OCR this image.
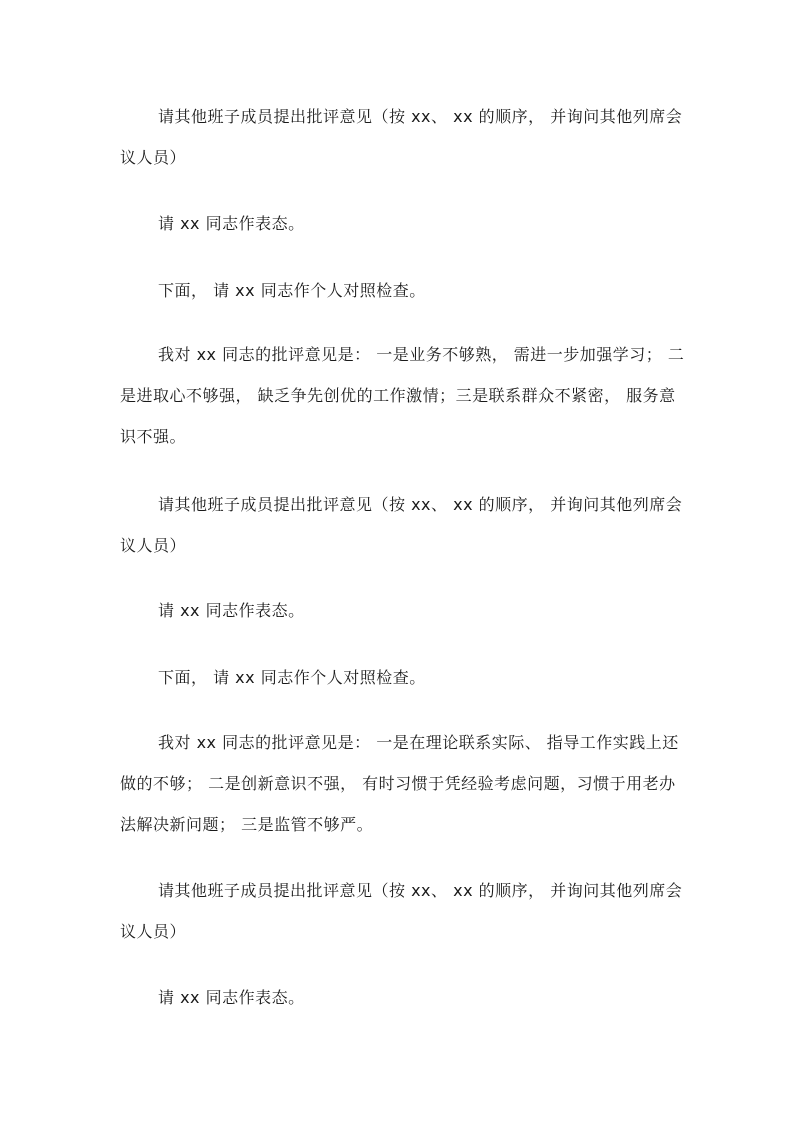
请其他班子成员提出批评意见（按 xx、 xx 的顺序， 并询问其他列席会议人员）

请 xx 同志作表态。

下面， 请 xx 同志作个人对照检查。

我对 xx 同志的批评意见是： 一是业务不够熟， 需进一步加强学习； 二是进取心不够强， 缺乏争先创优的工作激情；三是联系群众不紧密， 服务意识不强。

请其他班子成员提出批评意见（按 xx、 xx 的顺序， 并询问其他列席会议人员）

请 xx 同志作表态。

下面， 请 xx 同志作个人对照检查。

我对 xx 同志的批评意见是： 一是在理论联系实际、 指导工作实践上还做的不够； 二是创新意识不强， 有时习惯于凭经验考虑问题，习惯于用老办法解决新问题； 三是监管不够严。

请其他班子成员提出批评意见（按 xx、 xx 的顺序， 并询问其他列席会议人员）

请 xx 同志作表态。
